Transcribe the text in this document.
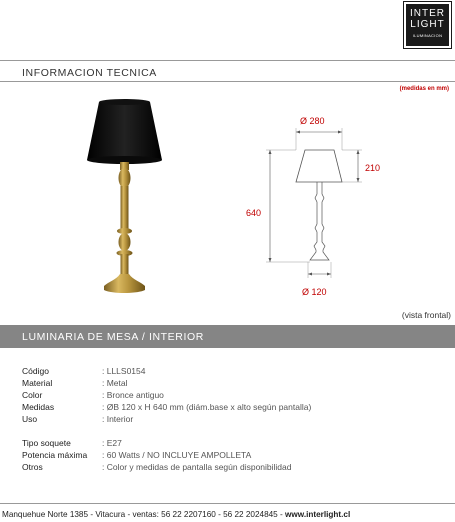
INTER
LIGHT
ILUMINACION
INFORMACION TECNICA
(medidas en mm)
Ø 280
210
640
Ø 120
(vista frontal)
LUMINARIA DE MESA / INTERIOR
Código	: LLLS0154
Material	: Metal
Color	: Bronce antiguo
Medidas	: ØB 120 x H 640 mm (diám.base x alto según pantalla)
Uso	: Interior
Tipo soquete	: E27
Potencia máxima	: 60 Watts / NO INCLUYE AMPOLLETA
Otros	: Color y medidas de pantalla según disponibilidad
Manquehue Norte 1385 - Vitacura - ventas: 56 22 2207160 - 56 22 2024845 - www.interlight.cl
